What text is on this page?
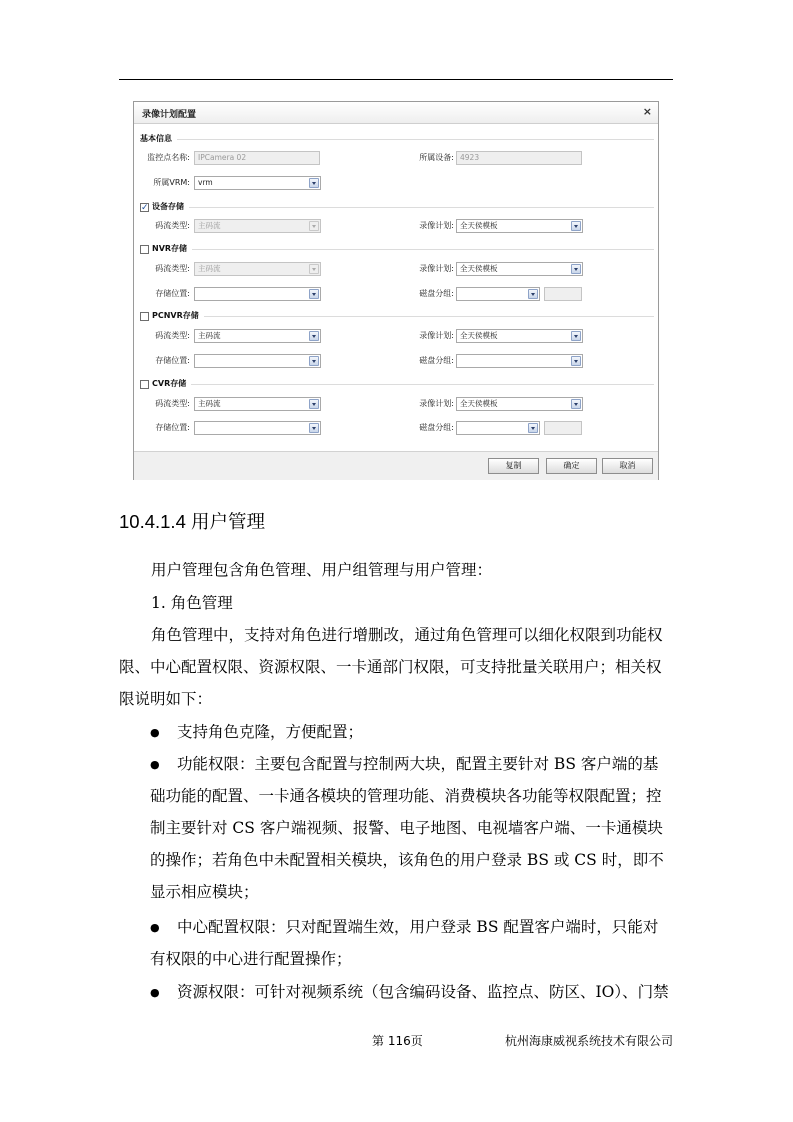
录像计划配置	×
基本信息
监控点名称:	IPCamera 02	所属设备: 4923
所属VRM:	vrm
✓
设备存储
码流类型:	主码流	录像计划: 全天侯模板
NVR存储
码流类型:	主码流	录像计划: 全天侯模板
存储位置:	磁盘分组:
PCNVR存储
码流类型:	主码流	录像计划: 全天侯模板
存储位置:	磁盘分组:
CVR存储
码流类型:	主码流	录像计划: 全天侯模板
存储位置:	磁盘分组:
复制	确定	取消
10.4.1.4 用户管理
用户管理包含角色管理、用户组管理与用户管理：
1. 角色管理
角色管理中，支持对角色进行增删改，通过角色管理可以细化权限到功能权
限、中心配置权限、资源权限、一卡通部门权限，可支持批量关联用户；相关权
限说明如下：
● 支持角色克隆，方便配置；
● 功能权限：主要包含配置与控制两大块，配置主要针对 BS 客户端的基
础功能的配置、一卡通各模块的管理功能、消费模块各功能等权限配置；控
制主要针对 CS 客户端视频、报警、电子地图、电视墙客户端、一卡通模块
的操作；若角色中未配置相关模块，该角色的用户登录 BS 或 CS 时，即不
显示相应模块；
● 中心配置权限：只对配置端生效，用户登录 BS 配置客户端时，只能对
有权限的中心进行配置操作；
● 资源权限：可针对视频系统（包含编码设备、监控点、防区、IO）、门禁
第 116页	杭州海康威视系统技术有限公司
